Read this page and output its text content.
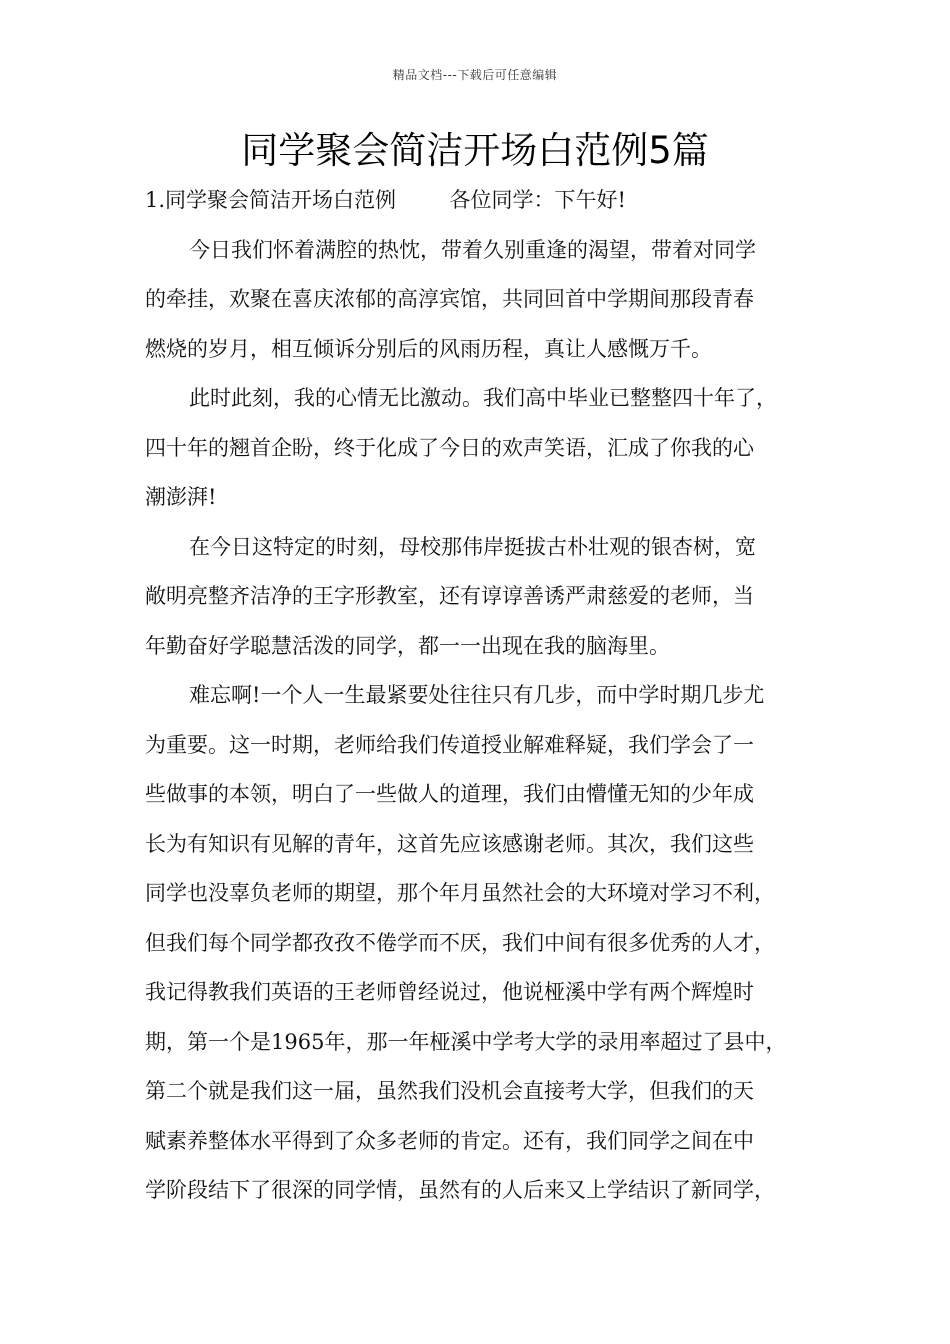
精品文档---下载后可任意编辑
同学聚会简洁开场白范例5篇
1.同学聚会简洁开场白范例	各位同学：下午好!
今日我们怀着满腔的热忱，带着久别重逢的渴望，带着对同学
的牵挂，欢聚在喜庆浓郁的高淳宾馆，共同回首中学期间那段青春
燃烧的岁月，相互倾诉分别后的风雨历程，真让人感慨万千。
此时此刻，我的心情无比激动。我们高中毕业已整整四十年了，
四十年的翘首企盼，终于化成了今日的欢声笑语，汇成了你我的心
潮澎湃!
在今日这特定的时刻，母校那伟岸挺拔古朴壮观的银杏树，宽
敞明亮整齐洁净的王字形教室，还有谆谆善诱严肃慈爱的老师，当
年勤奋好学聪慧活泼的同学，都一一出现在我的脑海里。
难忘啊!一个人一生最紧要处往往只有几步，而中学时期几步尤
为重要。这一时期，老师给我们传道授业解难释疑，我们学会了一
些做事的本领，明白了一些做人的道理，我们由懵懂无知的少年成
长为有知识有见解的青年，这首先应该感谢老师。其次，我们这些
同学也没辜负老师的期望，那个年月虽然社会的大环境对学习不利，
但我们每个同学都孜孜不倦学而不厌，我们中间有很多优秀的人才，
我记得教我们英语的王老师曾经说过，他说桠溪中学有两个辉煌时
期，第一个是1965年，那一年桠溪中学考大学的录用率超过了县中，
第二个就是我们这一届，虽然我们没机会直接考大学，但我们的天
赋素养整体水平得到了众多老师的肯定。还有，我们同学之间在中
学阶段结下了很深的同学情，虽然有的人后来又上学结识了新同学，
